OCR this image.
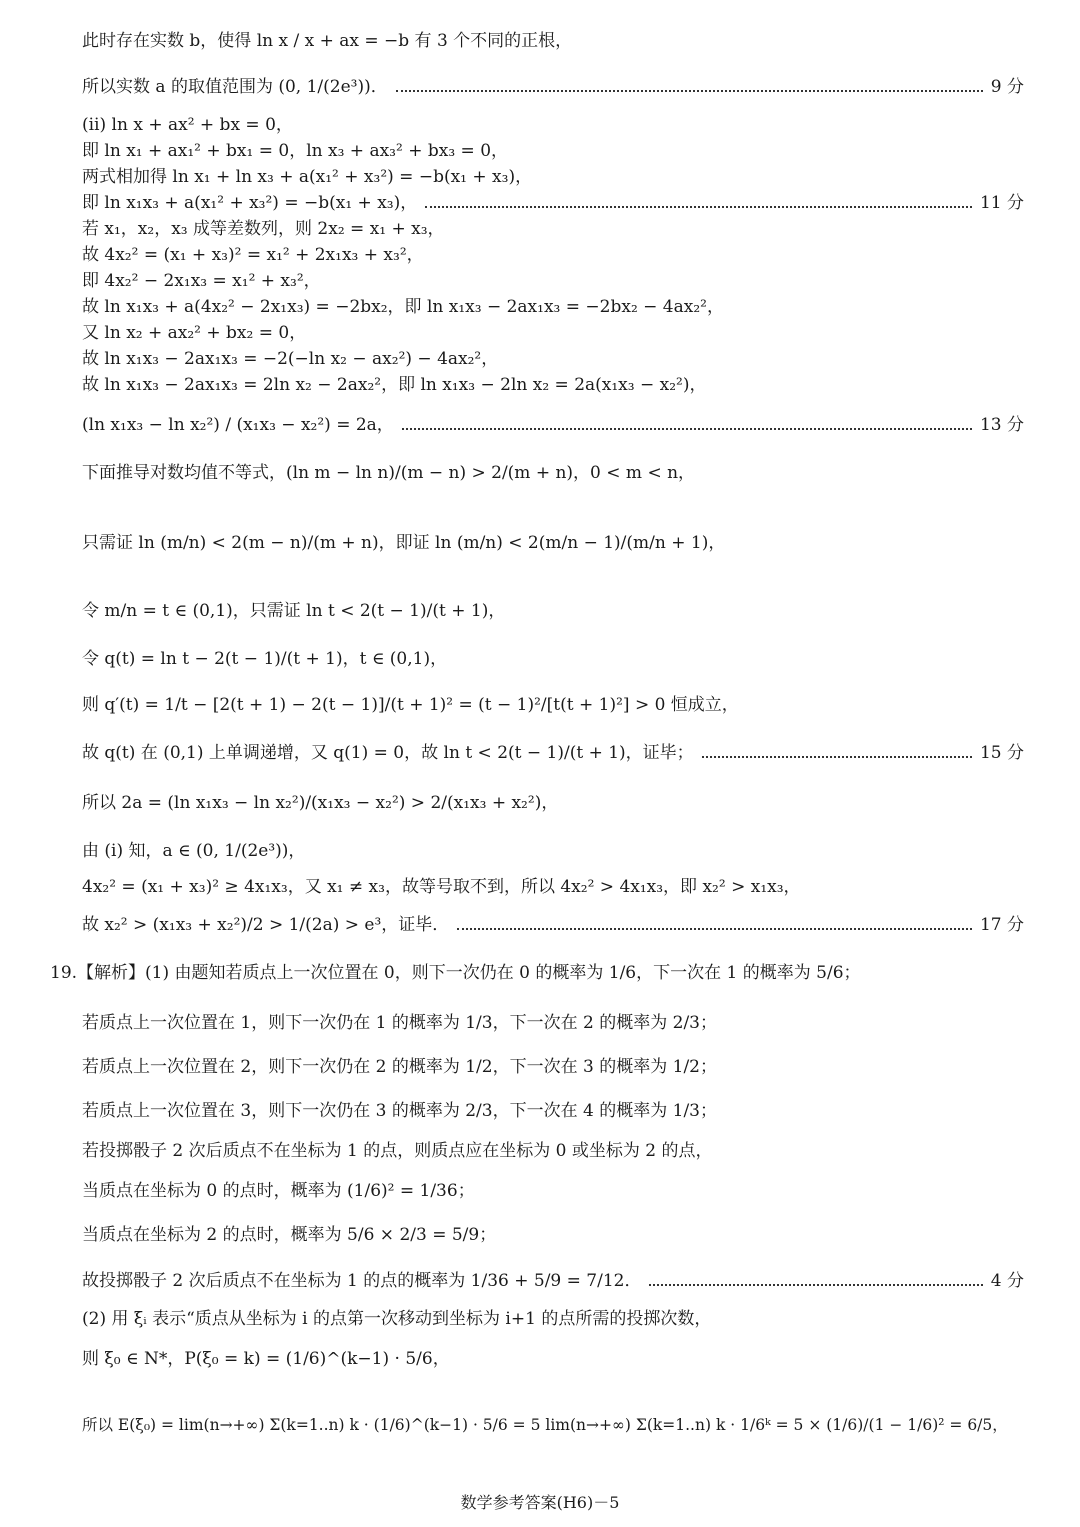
此时存在实数 b，使得 ln x / x + ax = −b 有 3 个不同的正根，
所以实数 a 的取值范围为 (0, 1/(2e³))．	9 分
(ⅱ) ln x + ax² + bx = 0，
即 ln x₁ + ax₁² + bx₁ = 0，ln x₃ + ax₃² + bx₃ = 0，
两式相加得 ln x₁ + ln x₃ + a(x₁² + x₃²) = −b(x₁ + x₃)，
即 ln x₁x₃ + a(x₁² + x₃²) = −b(x₁ + x₃)，	11 分
若 x₁，x₂，x₃ 成等差数列，则 2x₂ = x₁ + x₃，
故 4x₂² = (x₁ + x₃)² = x₁² + 2x₁x₃ + x₃²，
即 4x₂² − 2x₁x₃ = x₁² + x₃²，
故 ln x₁x₃ + a(4x₂² − 2x₁x₃) = −2bx₂，即 ln x₁x₃ − 2ax₁x₃ = −2bx₂ − 4ax₂²，
又 ln x₂ + ax₂² + bx₂ = 0，
故 ln x₁x₃ − 2ax₁x₃ = −2(−ln x₂ − ax₂²) − 4ax₂²，
故 ln x₁x₃ − 2ax₁x₃ = 2ln x₂ − 2ax₂²，即 ln x₁x₃ − 2ln x₂ = 2a(x₁x₃ − x₂²)，
(ln x₁x₃ − ln x₂²) / (x₁x₃ − x₂²) = 2a，	13 分
下面推导对数均值不等式，(ln m − ln n)/(m − n) > 2/(m + n)，0 < m < n，
只需证 ln (m/n) < 2(m − n)/(m + n)，即证 ln (m/n) < 2(m/n − 1)/(m/n + 1)，
令 m/n = t ∈ (0,1)，只需证 ln t < 2(t − 1)/(t + 1)，
令 q(t) = ln t − 2(t − 1)/(t + 1)，t ∈ (0,1)，
则 q′(t) = 1/t − [2(t + 1) − 2(t − 1)]/(t + 1)² = (t − 1)²/[t(t + 1)²] > 0 恒成立，
故 q(t) 在 (0,1) 上单调递增，又 q(1) = 0，故 ln t < 2(t − 1)/(t + 1)，证毕；	15 分
所以 2a = (ln x₁x₃ − ln x₂²)/(x₁x₃ − x₂²) > 2/(x₁x₃ + x₂²)，
由 (ⅰ) 知，a ∈ (0, 1/(2e³))，
4x₂² = (x₁ + x₃)² ≥ 4x₁x₃，又 x₁ ≠ x₃，故等号取不到，所以 4x₂² > 4x₁x₃，即 x₂² > x₁x₃，
故 x₂² > (x₁x₃ + x₂²)/2 > 1/(2a) > e³，证毕．	17 分
19.【解析】(1) 由题知若质点上一次位置在 0，则下一次仍在 0 的概率为 1/6，下一次在 1 的概率为 5/6；
若质点上一次位置在 1，则下一次仍在 1 的概率为 1/3，下一次在 2 的概率为 2/3；
若质点上一次位置在 2，则下一次仍在 2 的概率为 1/2，下一次在 3 的概率为 1/2；
若质点上一次位置在 3，则下一次仍在 3 的概率为 2/3，下一次在 4 的概率为 1/3；
若投掷骰子 2 次后质点不在坐标为 1 的点，则质点应在坐标为 0 或坐标为 2 的点，
当质点在坐标为 0 的点时，概率为 (1/6)² = 1/36；
当质点在坐标为 2 的点时，概率为 5/6 × 2/3 = 5/9；
故投掷骰子 2 次后质点不在坐标为 1 的点的概率为 1/36 + 5/9 = 7/12．	4 分
(2) 用 ξᵢ 表示“质点从坐标为 i 的点第一次移动到坐标为 i+1 的点所需的投掷次数，
则 ξ₀ ∈ N*，P(ξ₀ = k) = (1/6)^(k−1) · 5/6，
所以 E(ξ₀) = lim(n→+∞) Σ(k=1..n) k · (1/6)^(k−1) · 5/6 = 5 lim(n→+∞) Σ(k=1..n) k · 1/6ᵏ = 5 × (1/6)/(1 − 1/6)² = 6/5，
数学参考答案(H6)－5
